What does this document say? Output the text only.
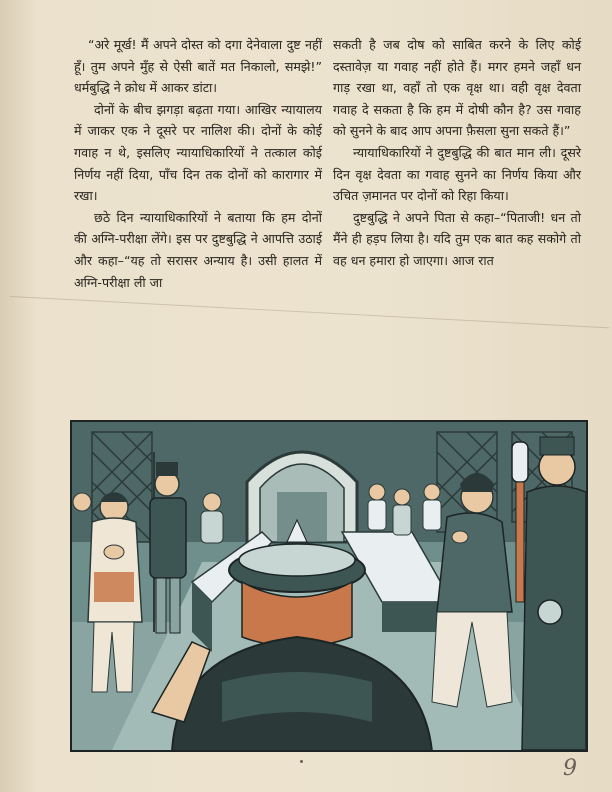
“अरे मूर्ख! मैं अपने दोस्त को दगा देनेवाला दुष्ट नहीं हूँ। तुम अपने मुँह से ऐसी बातें मत निकालो, समझे!” धर्मबुद्धि ने क्रोध में आकर डांटा।

दोनों के बीच झगड़ा बढ़ता गया। आखिर न्यायालय में जाकर एक ने दूसरे पर नालिश की। दोनों के कोई गवाह न थे, इसलिए न्यायाधिकारियों ने तत्काल कोई निर्णय नहीं दिया, पाँच दिन तक दोनों को कारागार में रखा।

छठे दिन न्यायाधिकारियों ने बताया कि हम दोनों की अग्नि-परीक्षा लेंगे। इस पर दुष्टबुद्धि ने आपत्ति उठाई और कहा–“यह तो सरासर अन्याय है। उसी हालत में अग्नि-परीक्षा ली जा

सकती है जब दोष को साबित करने के लिए कोई दस्तावेज़ या गवाह नहीं होते हैं। मगर हमने जहाँ धन गाड़ रखा था, वहाँ तो एक वृक्ष था। वही वृक्ष देवता गवाह दे सकता है कि हम में दोषी कौन है? उस गवाह को सुनने के बाद आप अपना फ़ैसला सुना सकते हैं।”

न्यायाधिकारियों ने दुष्टबुद्धि की बात मान ली। दूसरे दिन वृक्ष देवता का गवाह सुनने का निर्णय किया और उचित ज़मानत पर दोनों को रिहा किया।

दुष्टबुद्धि ने अपने पिता से कहा–“पिताजी! धन तो मैंने ही हड़प लिया है। यदि तुम एक बात कह सकोगे तो वह धन हमारा हो जाएगा। आज रात

9
